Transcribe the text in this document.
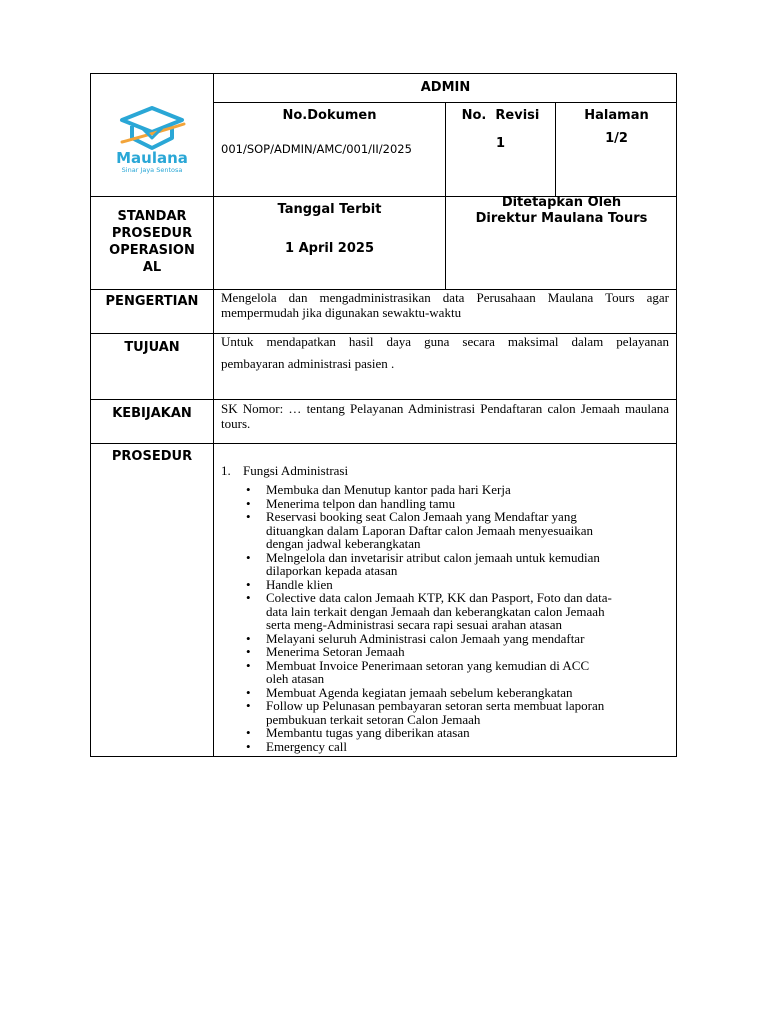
Maulana
Sinar Jaya Sentosa
ADMIN
No.Dokumen
001/SOP/ADMIN/AMC/001/II/2025
No.  Revisi
1
Halaman
1/2
STANDAR
PROSEDUR
OPERASION
AL
Tanggal Terbit
1 April 2025
Ditetapkan Oleh
Direktur Maulana Tours
PENGERTIAN
TUJUAN
KEBIJAKAN
PROSEDUR
Mengelola dan mengadministrasikan data Perusahaan Maulana Tours agar mempermudah jika digunakan sewaktu-waktu
Untuk mendapatkan hasil daya guna secara maksimal dalam pelayanan
pembayaran administrasi pasien .
SK Nomor: … tentang Pelayanan Administrasi Pendaftaran calon Jemaah maulana tours.
1. Fungsi Administrasi
• Membuka dan Menutup kantor pada hari Kerja
• Menerima telpon dan handling tamu
• Reservasi booking seat Calon Jemaah yang Mendaftar yang
dituangkan dalam Laporan Daftar calon Jemaah menyesuaikan
dengan jadwal keberangkatan
• Melngelola dan invetarisir atribut calon jemaah untuk kemudian
dilaporkan kepada atasan
• Handle klien
• Colective data calon Jemaah KTP, KK dan Pasport, Foto dan data-
data lain terkait dengan Jemaah dan keberangkatan calon Jemaah
serta meng-Administrasi secara rapi sesuai arahan atasan
• Melayani seluruh Administrasi calon Jemaah yang mendaftar
• Menerima Setoran Jemaah
• Membuat Invoice Penerimaan setoran yang kemudian di ACC
oleh atasan
• Membuat Agenda kegiatan jemaah sebelum keberangkatan
• Follow up Pelunasan pembayaran setoran serta membuat laporan
pembukuan terkait setoran Calon Jemaah
• Membantu tugas yang diberikan atasan
• Emergency call
